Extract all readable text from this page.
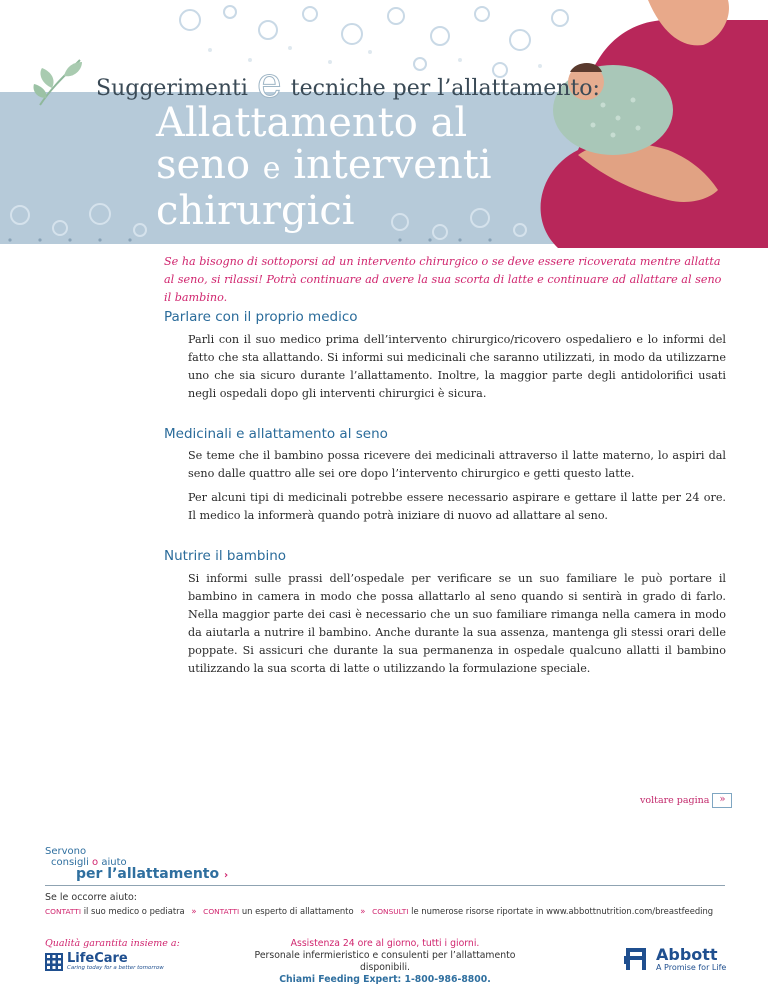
Suggerimenti e tecniche per l’allattamento:
Allattamento al
seno e interventi
chirurgici

Se ha bisogno di sottoporsi ad un intervento chirurgico o se deve essere ricoverata mentre allatta al seno, si rilassi! Potrà continuare ad avere la sua scorta di latte e continuare ad allattare al seno il bambino.

Parlare con il proprio medico

Parli con il suo medico prima dell’intervento chirurgico/ricovero ospedaliero e lo informi del fatto che sta allattando. Si informi sui medicinali che saranno utilizzati, in modo da utilizzarne uno che sia sicuro durante l’allattamento. Inoltre, la maggior parte degli antidolorifici usati negli ospedali dopo gli interventi chirurgici è sicura.

Medicinali e allattamento al seno

Se teme che il bambino possa ricevere dei medicinali attraverso il latte materno, lo aspiri dal seno dalle quattro alle sei ore dopo l’intervento chirurgico e getti questo latte.

Per alcuni tipi di medicinali potrebbe essere necessario aspirare e gettare il latte per 24 ore. Il medico la informerà quando potrà iniziare di nuovo ad allattare al seno.

Nutrire il bambino

Si informi sulle prassi dell’ospedale per verificare se un suo familiare le può portare il bambino in camera in modo che possa allattarlo al seno quando si sentirà in grado di farlo. Nella maggior parte dei casi è necessario che un suo familiare rimanga nella camera in modo da aiutarla a nutrire il bambino. Anche durante la sua assenza, mantenga gli stessi orari delle poppate. Si assicuri che durante la sua permanenza in ospedale qualcuno allatti il bambino utilizzando la sua scorta di latte o utilizzando la formulazione speciale.

voltare pagina »
Servono
consigli o aiuto
per l’allattamento ›
Se le occorre aiuto:
CONTATTI il suo medico o pediatra » CONTATTI un esperto di allattamento » CONSULTI le numerose risorse riportate in www.abbottnutrition.com/breastfeeding
Qualità garantita insieme a:
LifeCare
Caring today for a better tomorrow
Assistenza 24 ore al giorno, tutti i giorni.
Personale infermieristico e consulenti per l’allattamento disponibili.
Chiami Feeding Expert: 1-800-986-8800.
Abbott
A Promise for Life
